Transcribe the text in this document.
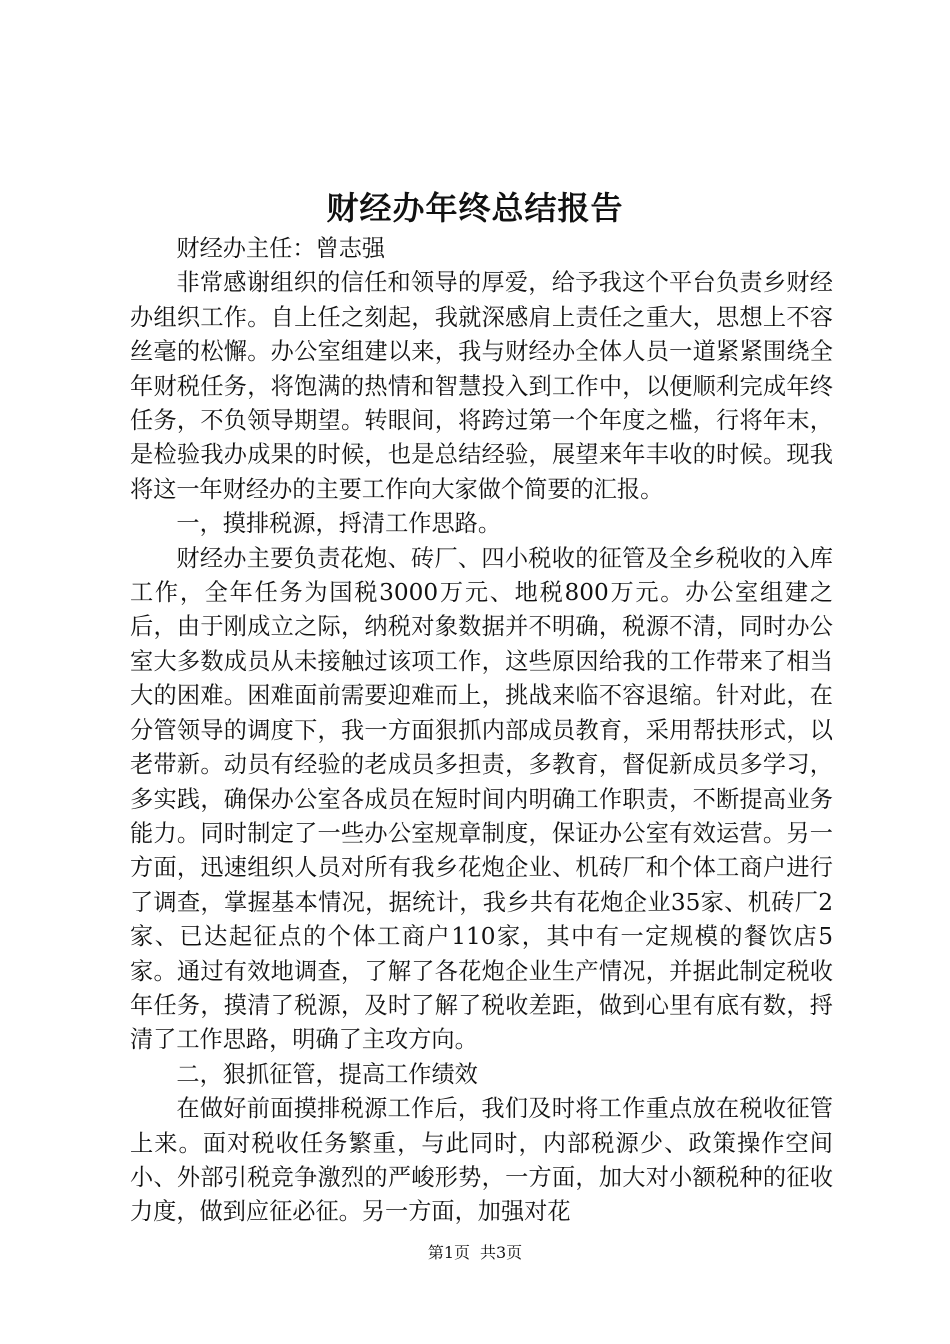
财经办年终总结报告

财经办主任：曾志强

非常感谢组织的信任和领导的厚爱，给予我这个平台负责乡财经办组织工作。自上任之刻起，我就深感肩上责任之重大，思想上不容丝毫的松懈。办公室组建以来，我与财经办全体人员一道紧紧围绕全年财税任务，将饱满的热情和智慧投入到工作中，以便顺利完成年终任务，不负领导期望。转眼间，将跨过第一个年度之槛，行将年末，是检验我办成果的时候，也是总结经验，展望来年丰收的时候。现我将这一年财经办的主要工作向大家做个简要的汇报。

一，摸排税源，捋清工作思路。

财经办主要负责花炮、砖厂、四小税收的征管及全乡税收的入库工作，全年任务为国税3000万元、地税800万元。办公室组建之后，由于刚成立之际，纳税对象数据并不明确，税源不清，同时办公室大多数成员从未接触过该项工作，这些原因给我的工作带来了相当大的困难。困难面前需要迎难而上，挑战来临不容退缩。针对此，在分管领导的调度下，我一方面狠抓内部成员教育，采用帮扶形式，以老带新。动员有经验的老成员多担责，多教育，督促新成员多学习，多实践，确保办公室各成员在短时间内明确工作职责，不断提高业务能力。同时制定了一些办公室规章制度，保证办公室有效运营。另一方面，迅速组织人员对所有我乡花炮企业、机砖厂和个体工商户进行了调查，掌握基本情况，据统计，我乡共有花炮企业35家、机砖厂2家、已达起征点的个体工商户110家，其中有一定规模的餐饮店5家。通过有效地调查，了解了各花炮企业生产情况，并据此制定税收年任务，摸清了税源，及时了解了税收差距，做到心里有底有数，捋清了工作思路，明确了主攻方向。

二，狠抓征管，提高工作绩效

在做好前面摸排税源工作后，我们及时将工作重点放在税收征管上来。面对税收任务繁重，与此同时，内部税源少、政策操作空间小、外部引税竞争激烈的严峻形势，一方面，加大对小额税种的征收力度，做到应征必征。另一方面，加强对花

第1页 共3页
